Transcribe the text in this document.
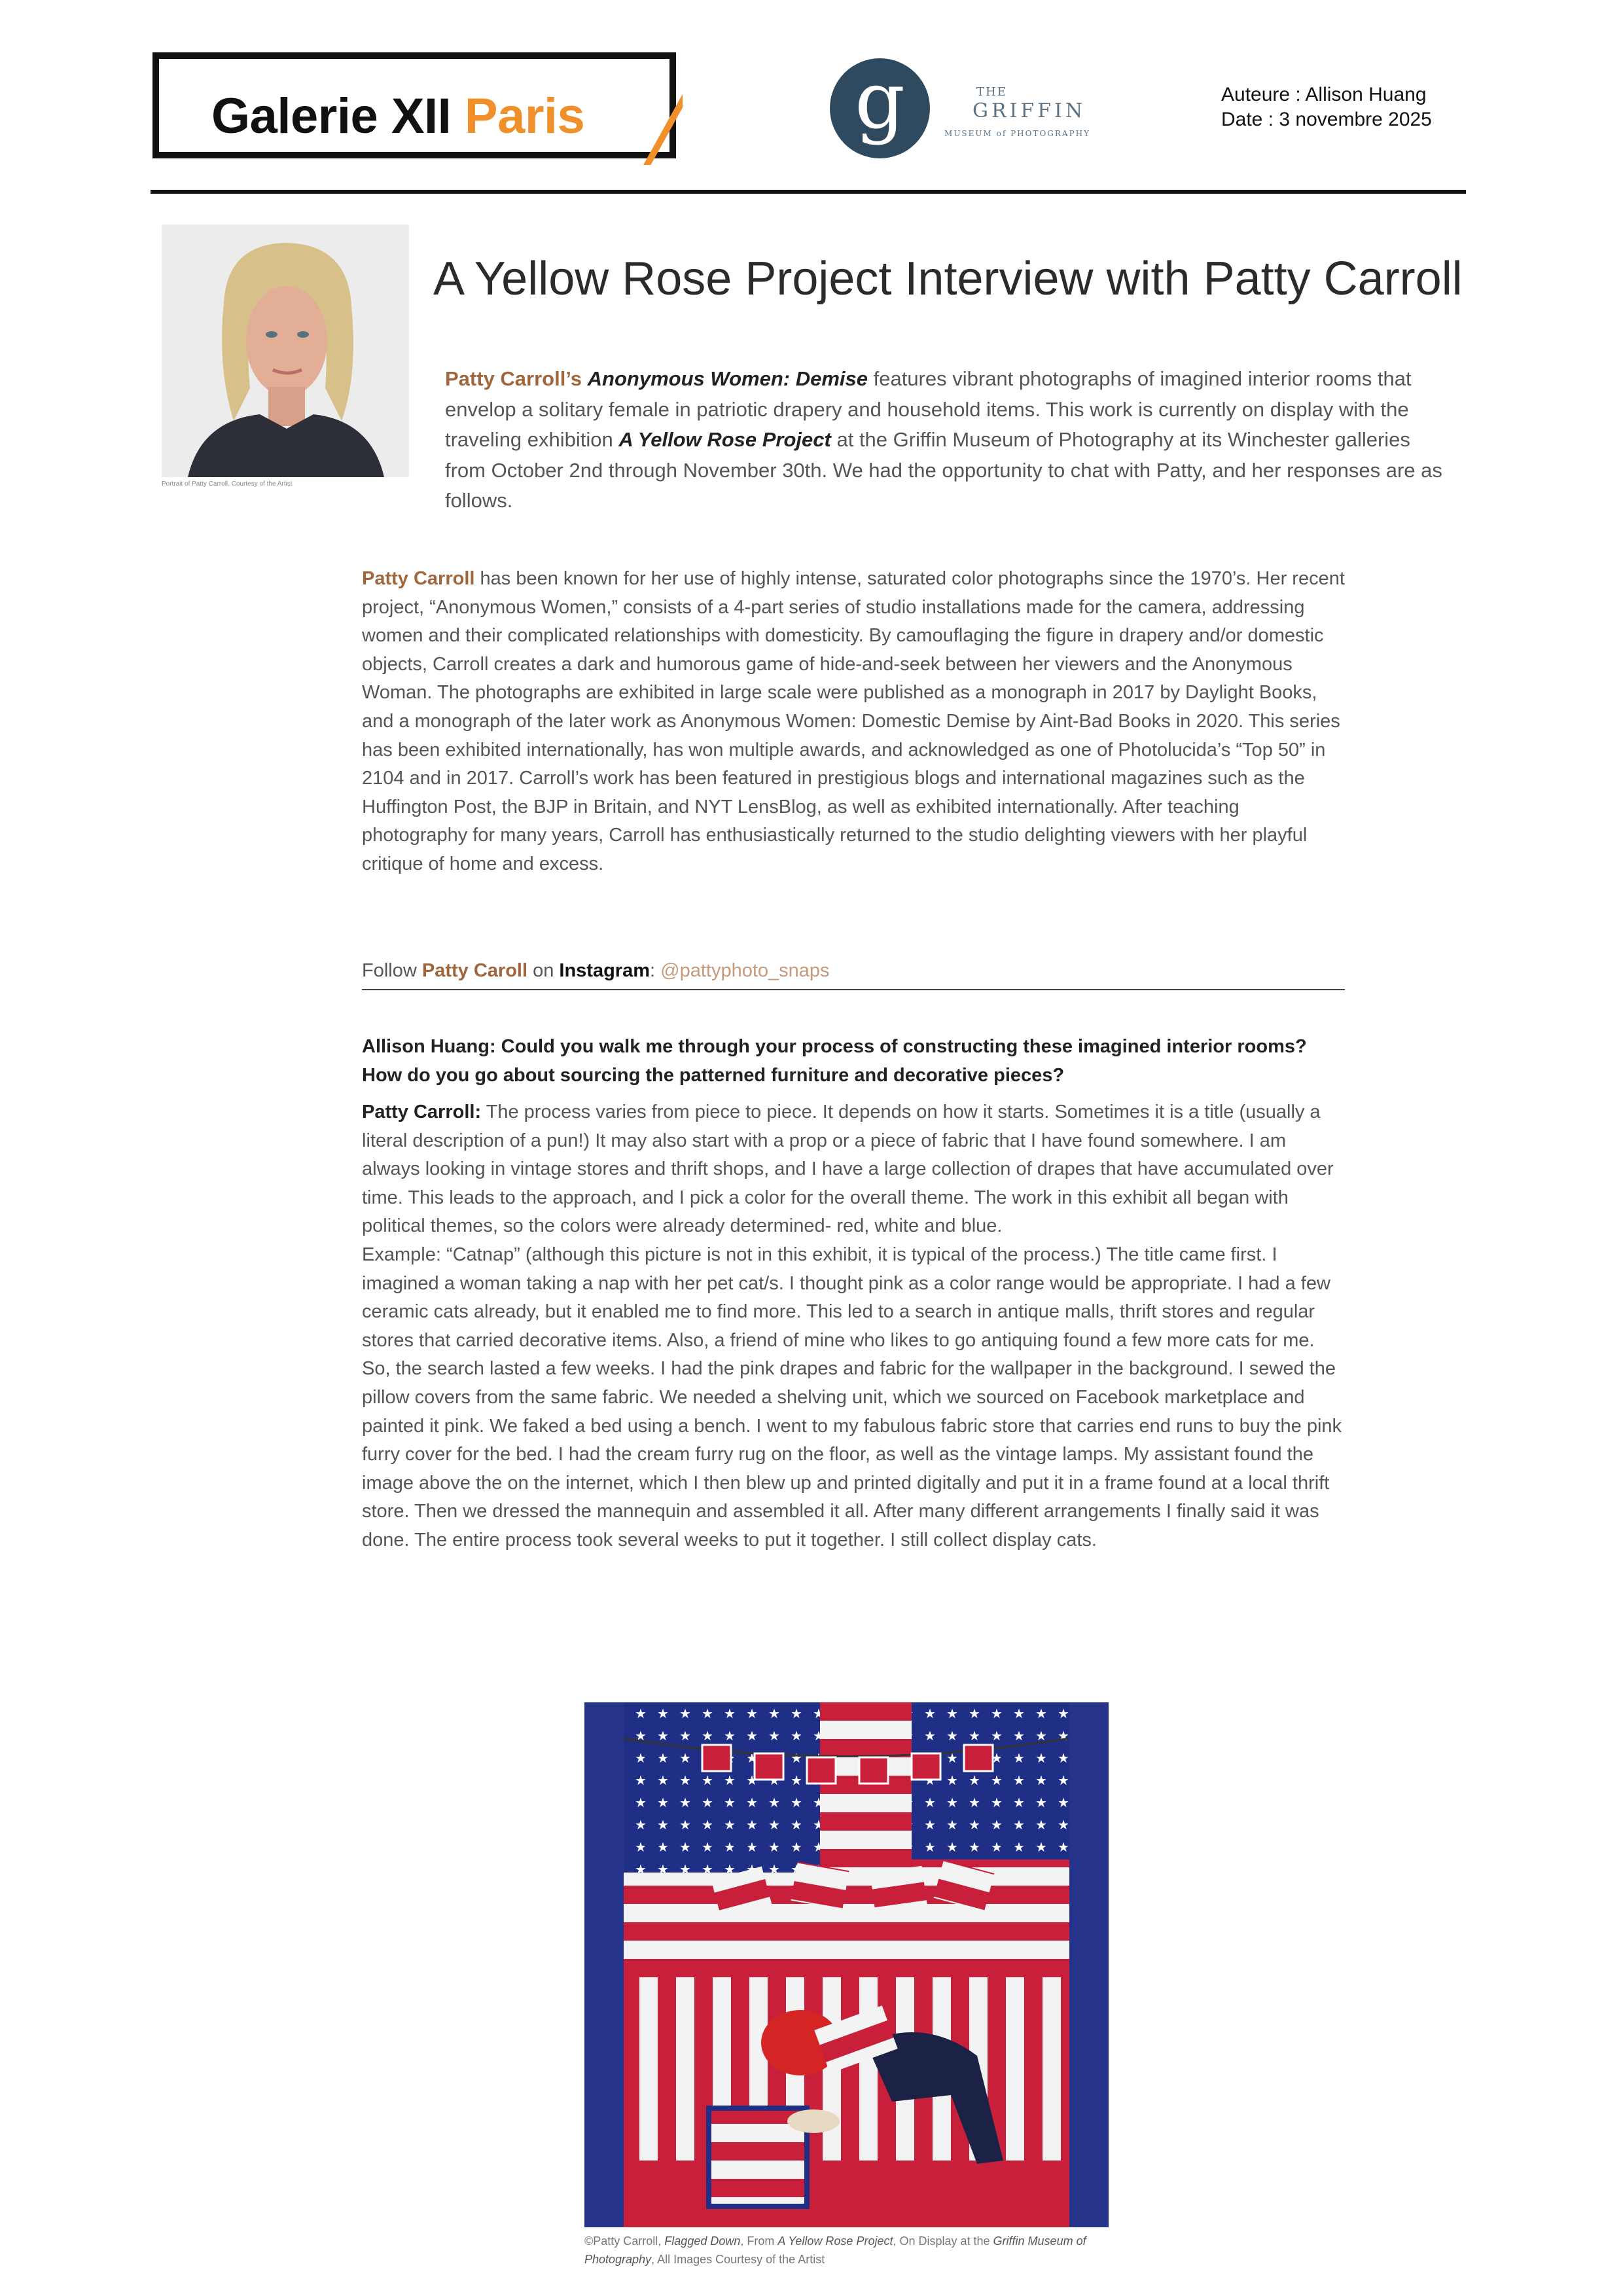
Galerie XII Paris	g	THE
GRIFFIN
MUSEUM of PHOTOGRAPHY
Auteure : Allison Huang
Date : 3 novembre 2025
Portrait of Patty Carroll. Courtesy of the Artist
A Yellow Rose Project Interview with Patty Carroll

Patty Carroll’s Anonymous Women: Demise features vibrant photographs of imagined interior rooms that envelop a solitary female in patriotic drapery and household items. This work is currently on display with the traveling exhibition A Yellow Rose Project at the Griffin Museum of Photography at its Winchester galleries from October 2nd through November 30th. We had the opportunity to chat with Patty, and her responses are as follows.

Patty Carroll has been known for her use of highly intense, saturated color photographs since the 1970’s. Her recent project, “Anonymous Women,” consists of a 4-part series of studio installations made for the camera, addressing women and their complicated relationships with domesticity. By camouflaging the figure in drapery and/or domestic objects, Carroll creates a dark and humorous game of hide-and-seek between her viewers and the Anonymous Woman. The photographs are exhibited in large scale were published as a monograph in 2017 by Daylight Books, and a monograph of the later work as Anonymous Women: Domestic Demise by Aint-Bad Books in 2020. This series has been exhibited internationally, has won multiple awards, and acknowledged as one of Photolucida’s “Top 50” in 2104 and in 2017. Carroll’s work has been featured in prestigious blogs and international magazines such as the Huffington Post, the BJP in Britain, and NYT LensBlog, as well as exhibited internationally. After teaching photography for many years, Carroll has enthusiastically returned to the studio delighting viewers with her playful critique of home and excess.

Follow Patty Caroll on Instagram: @pattyphoto_snaps

Allison Huang: Could you walk me through your process of constructing these imagined interior rooms? How do you go about sourcing the patterned furniture and decorative pieces?

Patty Carroll: The process varies from piece to piece. It depends on how it starts. Sometimes it is a title (usually a literal description of a pun!) It may also start with a prop or a piece of fabric that I have found somewhere. I am always looking in vintage stores and thrift shops, and I have a large collection of drapes that have accumulated over time. This leads to the approach, and I pick a color for the overall theme. The work in this exhibit all began with political themes, so the colors were already determined- red, white and blue.
Example: “Catnap” (although this picture is not in this exhibit, it is typical of the process.) The title came first. I imagined a woman taking a nap with her pet cat/s. I thought pink as a color range would be appropriate. I had a few ceramic cats already, but it enabled me to find more. This led to a search in antique malls, thrift stores and regular stores that carried decorative items. Also, a friend of mine who likes to go antiquing found a few more cats for me. So, the search lasted a few weeks. I had the pink drapes and fabric for the wallpaper in the background. I sewed the pillow covers from the same fabric. We needed a shelving unit, which we sourced on Facebook marketplace and painted it pink. We faked a bed using a bench. I went to my fabulous fabric store that carries end runs to buy the pink furry cover for the bed. I had the cream furry rug on the floor, as well as the vintage lamps. My assistant found the image above the on the internet, which I then blew up and printed digitally and put it in a frame found at a local thrift store. Then we dressed the mannequin and assembled it all. After many different arrangements I finally said it was done. The entire process took several weeks to put it together. I still collect display cats.
©Patty Carroll, Flagged Down, From A Yellow Rose Project, On Display at the Griffin Museum of Photography, All Images Courtesy of the Artist
